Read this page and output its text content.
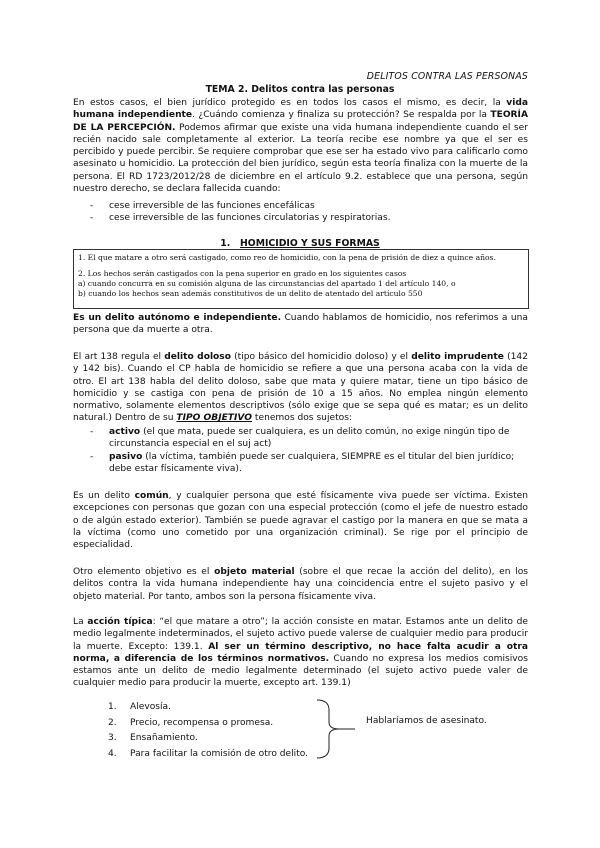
DELITOS CONTRA LAS PERSONAS
TEMA 2. Delitos contra las personas

En estos casos, el bien jurídico protegido es en todos los casos el mismo, es decir, la vida humana independiente. ¿Cuándo comienza y finaliza su protección? Se respalda por la TEORÍA DE LA PERCEPCIÓN. Podemos afirmar que existe una vida humana independiente cuando el ser recién nacido sale completamente al exterior. La teoría recibe ese nombre ya que el ser es percibido y puede percibir. Se requiere comprobar que ese ser ha estado vivo para calificarlo como asesinato u homicidio. La protección del bien jurídico, según esta teoría finaliza con la muerte de la persona. El RD 1723/2012/28 de diciembre en el artículo 9.2. establece que una persona, según nuestro derecho, se declara fallecida cuando:

- cese irreversible de las funciones encefálicas
- cese irreversible de las funciones circulatorias y respiratorias.
1. HOMICIDIO Y SUS FORMAS

1. El que matare a otro será castigado, como reo de homicidio, con la pena de prisión de diez a quince años.

2. Los hechos serán castigados con la pena superior en grado en los siguientes casos

a) cuando concurra en su comisión alguna de las circunstancias del apartado 1 del artículo 140, o

b) cuando los hechos sean además constitutivos de un delito de atentado del artículo 550

Es un delito autónomo e independiente. Cuando hablamos de homicidio, nos referimos a una persona que da muerte a otra.

El art 138 regula el delito doloso (tipo básico del homicidio doloso) y el delito imprudente (142 y 142 bis). Cuando el CP habla de homicidio se refiere a que una persona acaba con la vida de otro. El art 138 habla del delito doloso, sabe que mata y quiere matar, tiene un tipo básico de homicidio y se castiga con pena de prisión de 10 a 15 años. No emplea ningún elemento normativo, solamente elementos descriptivos (sólo exige que se sepa qué es matar; es un delito natural.) Dentro de su TIPO OBJETIVO tenemos dos sujetos:

- activo (el que mata, puede ser cualquiera, es un delito común, no exige ningún tipo de circunstancia especial en el suj act)
- pasivo (la víctima, también puede ser cualquiera, SIEMPRE es el titular del bien jurídico; debe estar físicamente viva).

Es un delito común, y cualquier persona que esté físicamente viva puede ser víctima. Existen excepciones con personas que gozan con una especial protección (como el jefe de nuestro estado o de algún estado exterior). También se puede agravar el castigo por la manera en que se mata a la víctima (como uno cometido por una organización criminal). Se rige por el principio de especialidad.

Otro elemento objetivo es el objeto material (sobre el que recae la acción del delito), en los delitos contra la vida humana independiente hay una coincidencia entre el sujeto pasivo y el objeto material. Por tanto, ambos son la persona físicamente viva.

La acción típica: “el que matare a otro”; la acción consiste en matar. Estamos ante un delito de medio legalmente indeterminados, el sujeto activo puede valerse de cualquier medio para producir la muerte. Excepto: 139.1. Al ser un término descriptivo, no hace falta acudir a otra norma, a diferencia de los términos normativos. Cuando no expresa los medios comisivos estamos ante un delito de medio legalmente determinado (el sujeto activo puede valer de cualquier medio para producir la muerte, excepto art. 139.1)

1. Alevosía.
2. Precio, recompensa o promesa.
3. Ensañamiento.
4. Para facilitar la comisión de otro delito.
Hablaríamos de asesinato.
